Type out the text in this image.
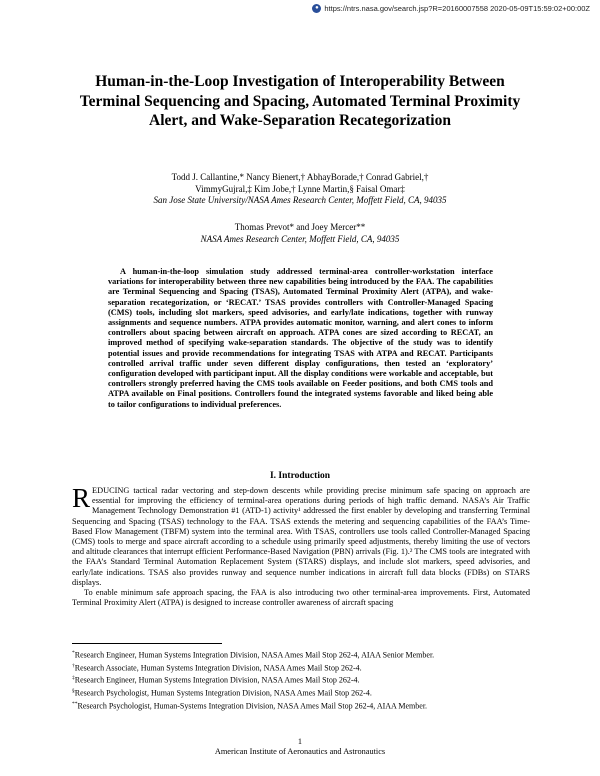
● https://ntrs.nasa.gov/search.jsp?R=20160007558 2020-05-09T15:59:02+00:00Z
Human-in-the-Loop Investigation of Interoperability Between Terminal Sequencing and Spacing, Automated Terminal Proximity Alert, and Wake-Separation Recategorization
Todd J. Callantine,* Nancy Bienert,† AbhayBorade,† Conrad Gabriel,†
VimmyGujral,‡ Kim Jobe,† Lynne Martin,§ Faisal Omar‡
San Jose State University/NASA Ames Research Center, Moffett Field, CA, 94035
Thomas Prevot* and Joey Mercer**
NASA Ames Research Center, Moffett Field, CA, 94035
A human-in-the-loop simulation study addressed terminal-area controller-workstation interface variations for interoperability between three new capabilities being introduced by the FAA. The capabilities are Terminal Sequencing and Spacing (TSAS), Automated Terminal Proximity Alert (ATPA), and wake-separation recategorization, or ‘RECAT.’ TSAS provides controllers with Controller-Managed Spacing (CMS) tools, including slot markers, speed advisories, and early/late indications, together with runway assignments and sequence numbers. ATPA provides automatic monitor, warning, and alert cones to inform controllers about spacing between aircraft on approach. ATPA cones are sized according to RECAT, an improved method of specifying wake-separation standards. The objective of the study was to identify potential issues and provide recommendations for integrating TSAS with ATPA and RECAT. Participants controlled arrival traffic under seven different display configurations, then tested an ‘exploratory’ configuration developed with participant input. All the display conditions were workable and acceptable, but controllers strongly preferred having the CMS tools available on Feeder positions, and both CMS tools and ATPA available on Final positions. Controllers found the integrated systems favorable and liked being able to tailor configurations to individual preferences.
I. Introduction

R EDUCING tactical radar vectoring and step-down descents while providing precise minimum safe spacing on approach are essential for improving the efficiency of terminal-area operations during periods of high traffic demand. NASA’s Air Traffic Management Technology Demonstration #1 (ATD-1) activity¹ addressed the first enabler by developing and transferring Terminal Sequencing and Spacing (TSAS) technology to the FAA. TSAS extends the metering and sequencing capabilities of the FAA’s Time-Based Flow Management (TBFM) system into the terminal area. With TSAS, controllers use tools called Controller-Managed Spacing (CMS) tools to merge and space aircraft according to a schedule using primarily speed adjustments, thereby limiting the use of vectors and altitude clearances that interrupt efficient Performance-Based Navigation (PBN) arrivals (Fig. 1).² The CMS tools are integrated with the FAA’s Standard Terminal Automation Replacement System (STARS) displays, and include slot markers, speed advisories, and early/late indications. TSAS also provides runway and sequence number indications in aircraft full data blocks (FDBs) on STARS displays.

To enable minimum safe approach spacing, the FAA is also introducing two other terminal-area improvements. First, Automated Terminal Proximity Alert (ATPA) is designed to increase controller awareness of aircraft spacing

*Research Engineer, Human Systems Integration Division, NASA Ames Mail Stop 262-4, AIAA Senior Member.
†Research Associate, Human Systems Integration Division, NASA Ames Mail Stop 262-4.
‡Research Engineer, Human Systems Integration Division, NASA Ames Mail Stop 262-4.
§Research Psychologist, Human Systems Integration Division, NASA Ames Mail Stop 262-4.
**Research Psychologist, Human-Systems Integration Division, NASA Ames Mail Stop 262-4, AIAA Member.
1
American Institute of Aeronautics and Astronautics
